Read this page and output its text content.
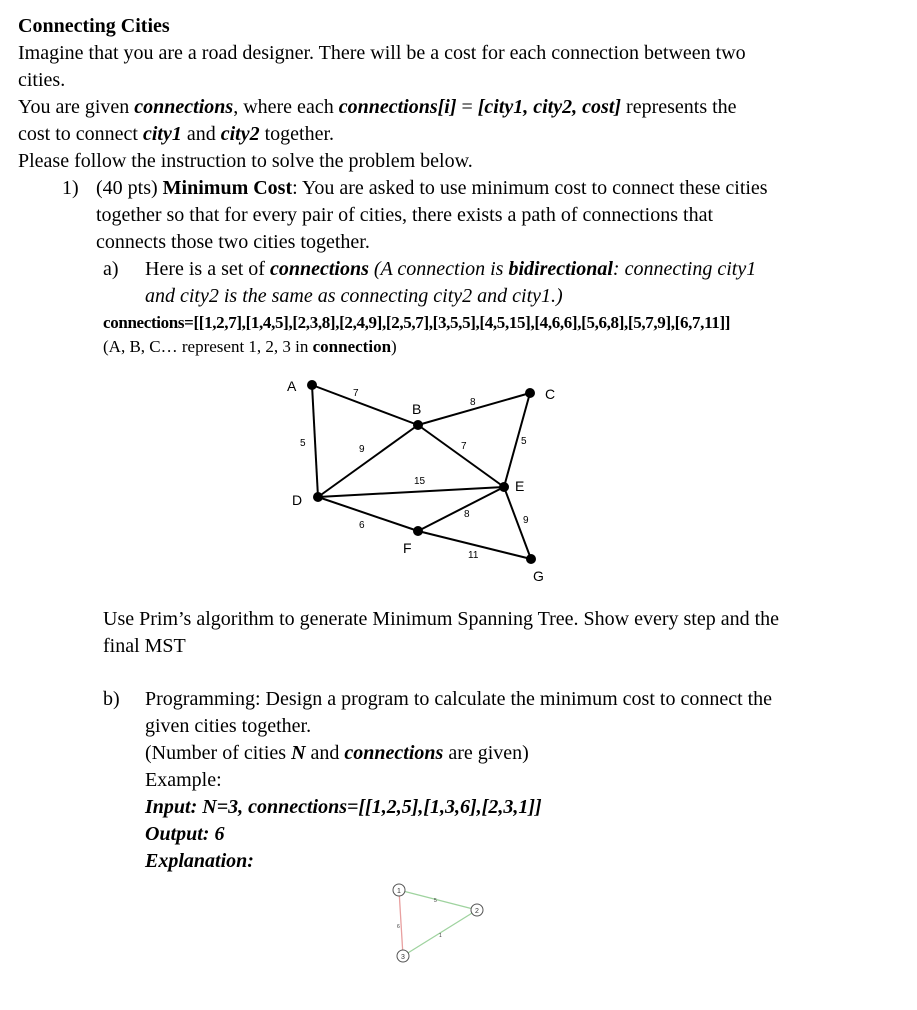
Connecting Cities
Imagine that you are a road designer. There will be a cost for each connection between two
cities.
You are given connections, where each connections[i] = [city1, city2, cost] represents the
cost to connect city1 and city2 together.
Please follow the instruction to solve the problem below.
1) (40 pts) Minimum Cost: You are asked to use minimum cost to connect these cities
together so that for every pair of cities, there exists a path of connections that
connects those two cities together.
a) Here is a set of connections (A connection is bidirectional: connecting city1
and city2 is the same as connecting city2 and city1.)
connections=[[1,2,7],[1,4,5],[2,3,8],[2,4,9],[2,5,7],[3,5,5],[4,5,15],[4,6,6],[5,6,8],[5,7,9],[6,7,11]]
(A, B, C… represent 1, 2, 3 in connection)
A
B
C
D
E
F
G
7
5
8
9	7	5
15
6
8
9
11
Use Prim’s algorithm to generate Minimum Spanning Tree. Show every step and the
final MST
b) Programming: Design a program to calculate the minimum cost to connect the
given cities together.
(Number of cities N and connections are given)
Example:
Input: N=3, connections=[[1,2,5],[1,3,6],[2,3,1]]
Output: 6
Explanation:
1
2
3
5
6
1
